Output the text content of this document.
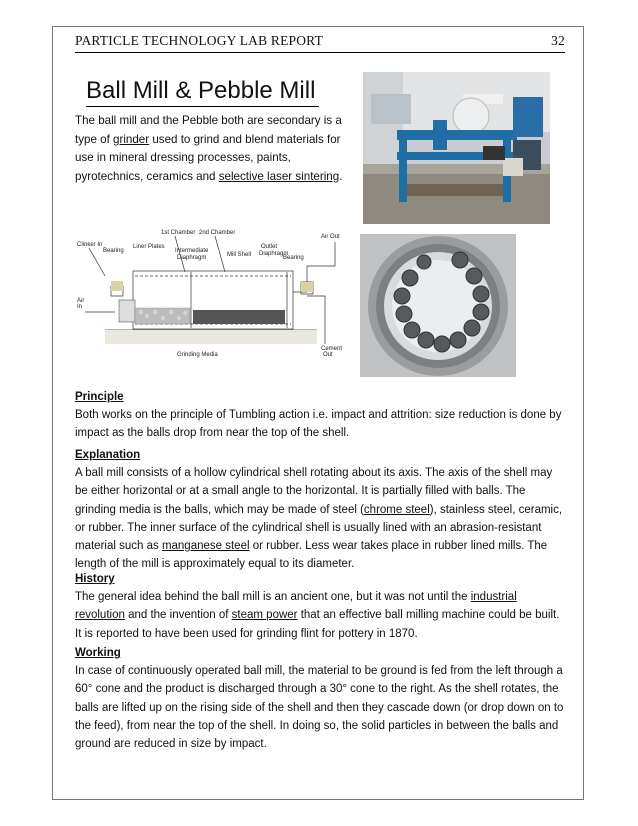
PARTICLE TECHNOLOGY LAB REPORT	32
Ball Mill & Pebble Mill
The ball mill and the Pebble both are secondary is a type of grinder used to grind and blend materials for use in mineral dressing processes, paints, pyrotechnics, ceramics and selective laser sintering.
Clinker In
Bearing
Liner Plates
1st Chamber 2nd Chamber
Intermediate
Diaphragm	Mill Shell
Outlet
Diaphragm
Bearing
Air Out
Air
In
Grinding Media
Cement
Out
Principle
Both works on the principle of Tumbling action i.e. impact and attrition: size reduction is done by impact as the balls drop from near the top of the shell.
Explanation
A ball mill consists of a hollow cylindrical shell rotating about its axis. The axis of the shell may be either horizontal or at a small angle to the horizontal. It is partially filled with balls. The grinding media is the balls, which may be made of steel (chrome steel), stainless steel, ceramic, or rubber. The inner surface of the cylindrical shell is usually lined with an abrasion-resistant material such as manganese steel or rubber. Less wear takes place in rubber lined mills. The length of the mill is approximately equal to its diameter.
History
The general idea behind the ball mill is an ancient one, but it was not until the industrial revolution and the invention of steam power that an effective ball milling machine could be built. It is reported to have been used for grinding flint for pottery in 1870.
Working
In case of continuously operated ball mill, the material to be ground is fed from the left through a 60° cone and the product is discharged through a 30° cone to the right. As the shell rotates, the balls are lifted up on the rising side of the shell and then they cascade down (or drop down on to the feed), from near the top of the shell. In doing so, the solid particles in between the balls and ground are reduced in size by impact.
